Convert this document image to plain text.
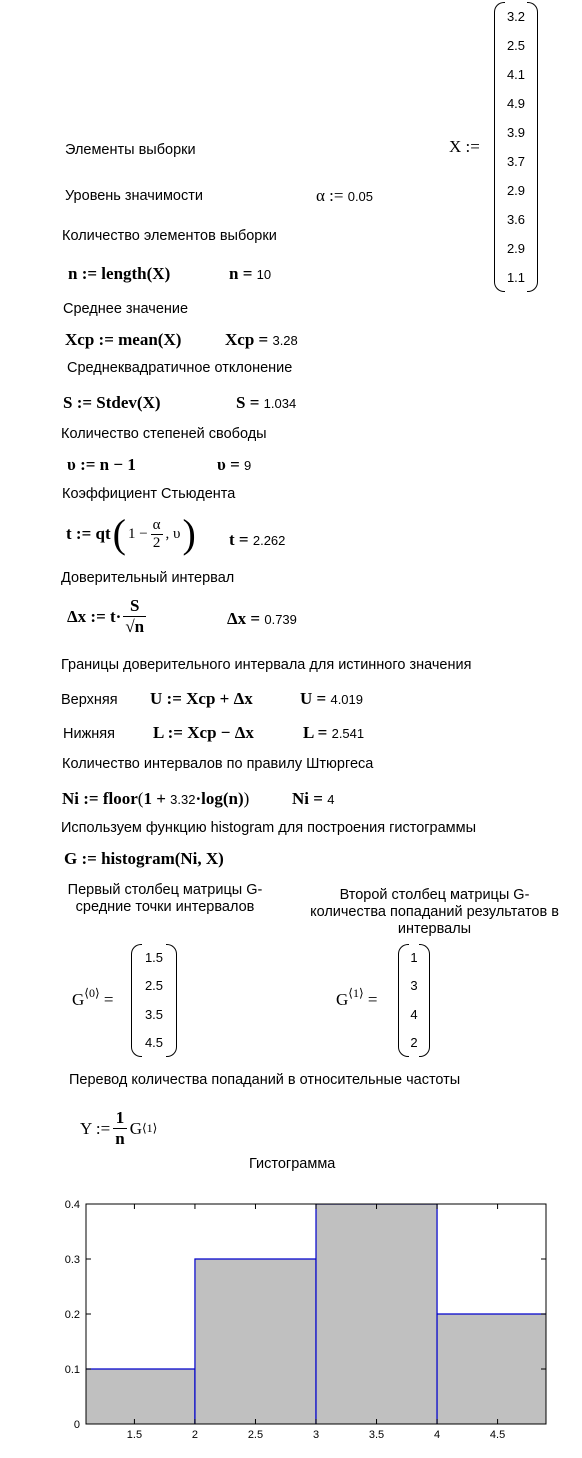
X :=
3.2
2.5
4.1
4.9
3.9
3.7
2.9
3.6
2.9
1.1
Элементы выборки
Уровень значимости	α := 0.05
Количество элементов выборки
n := length(X)	n = 10
Среднее значение
Xcp := mean(X)	Xcp = 3.28
Среднеквадратичное отклонение
S := Stdev(X)	S = 1.034
Количество степеней свободы
υ := n − 1	υ = 9
Коэффициент Стьюдента
t := qt ( $1 - \frac{\alpha}{2}$ , υ ) t = 2.262
Доверительный интервал
Δx := $t\cdot \frac{S}{√n}$	Δx = 0.739
Границы доверительного интервала для истинного значения
Верхняя U := Xcp + Δx	U = 4.019
Нижняя L := Xcp − Δx	L = 2.541
Количество интервалов по правилу Штюргеса
Ni := floor(1 + 3.32·log(n))	Ni = 4
Используем функцию histogram для построения гистограммы
G := histogram(Ni, X)
Первый столбец матрицы G-
средние точки интервалов
Второй столбец матрицы G-
количества попаданий результатов в
интервалы
$G^{⟨0⟩}$ =
1.5
2.5
3.5
4.5
$G^{⟨1⟩}$ =
1
3
4
2
Перевод количества попаданий в относительные частоты
Y := $\frac{1}{n}$ G ⟨1⟩
Гистограмма
0
0.1
0.2
0.3
0.4
1.5	2	2.5	3	3.5	4	4.5
